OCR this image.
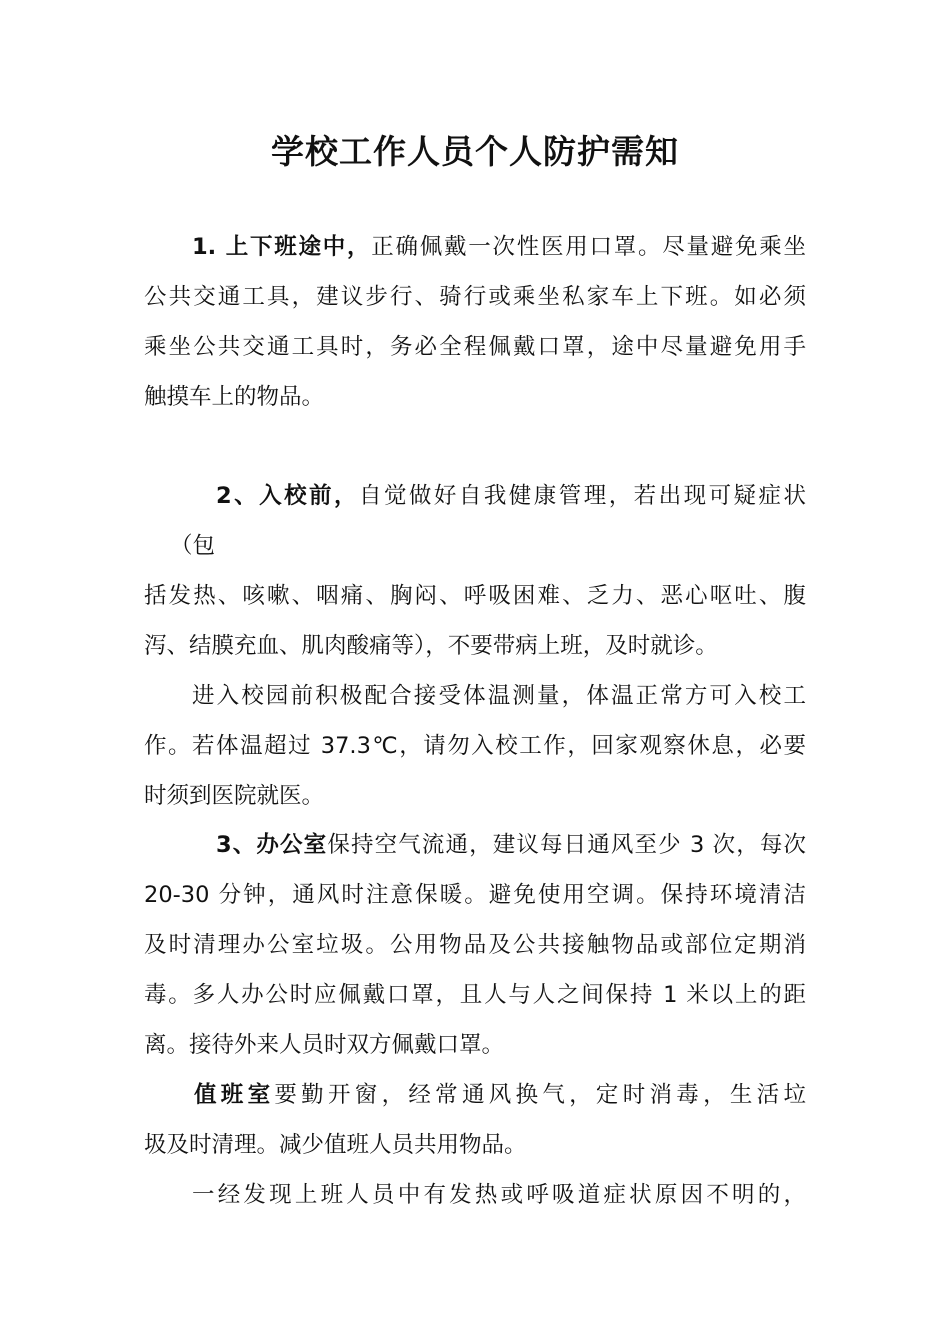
学校工作人员个人防护需知
1. 上下班途中，正确佩戴一次性医用口罩。尽量避免乘坐
公共交通工具，建议步行、骑行或乘坐私家车上下班。如必须
乘坐公共交通工具时，务必全程佩戴口罩，途中尽量避免用手
触摸车上的物品。
2、入校前，自觉做好自我健康管理，若出现可疑症状
（包
括发热、咳嗽、咽痛、胸闷、呼吸困难、乏力、恶心呕吐、腹
泻、结膜充血、肌肉酸痛等），不要带病上班，及时就诊。
进入校园前积极配合接受体温测量，体温正常方可入校工
作。若体温超过 37.3℃，请勿入校工作，回家观察休息，必要
时须到医院就医。
3、办公室保持空气流通，建议每日通风至少 3 次，每次
20-30 分钟，通风时注意保暖。避免使用空调。保持环境清洁
及时清理办公室垃圾。公用物品及公共接触物品或部位定期消
毒。多人办公时应佩戴口罩，且人与人之间保持 1 米以上的距
离。接待外来人员时双方佩戴口罩。
值班室要勤开窗，经常通风换气，定时消毒，生活垃
圾及时清理。减少值班人员共用物品。
一经发现上班人员中有发热或呼吸道症状原因不明的，
